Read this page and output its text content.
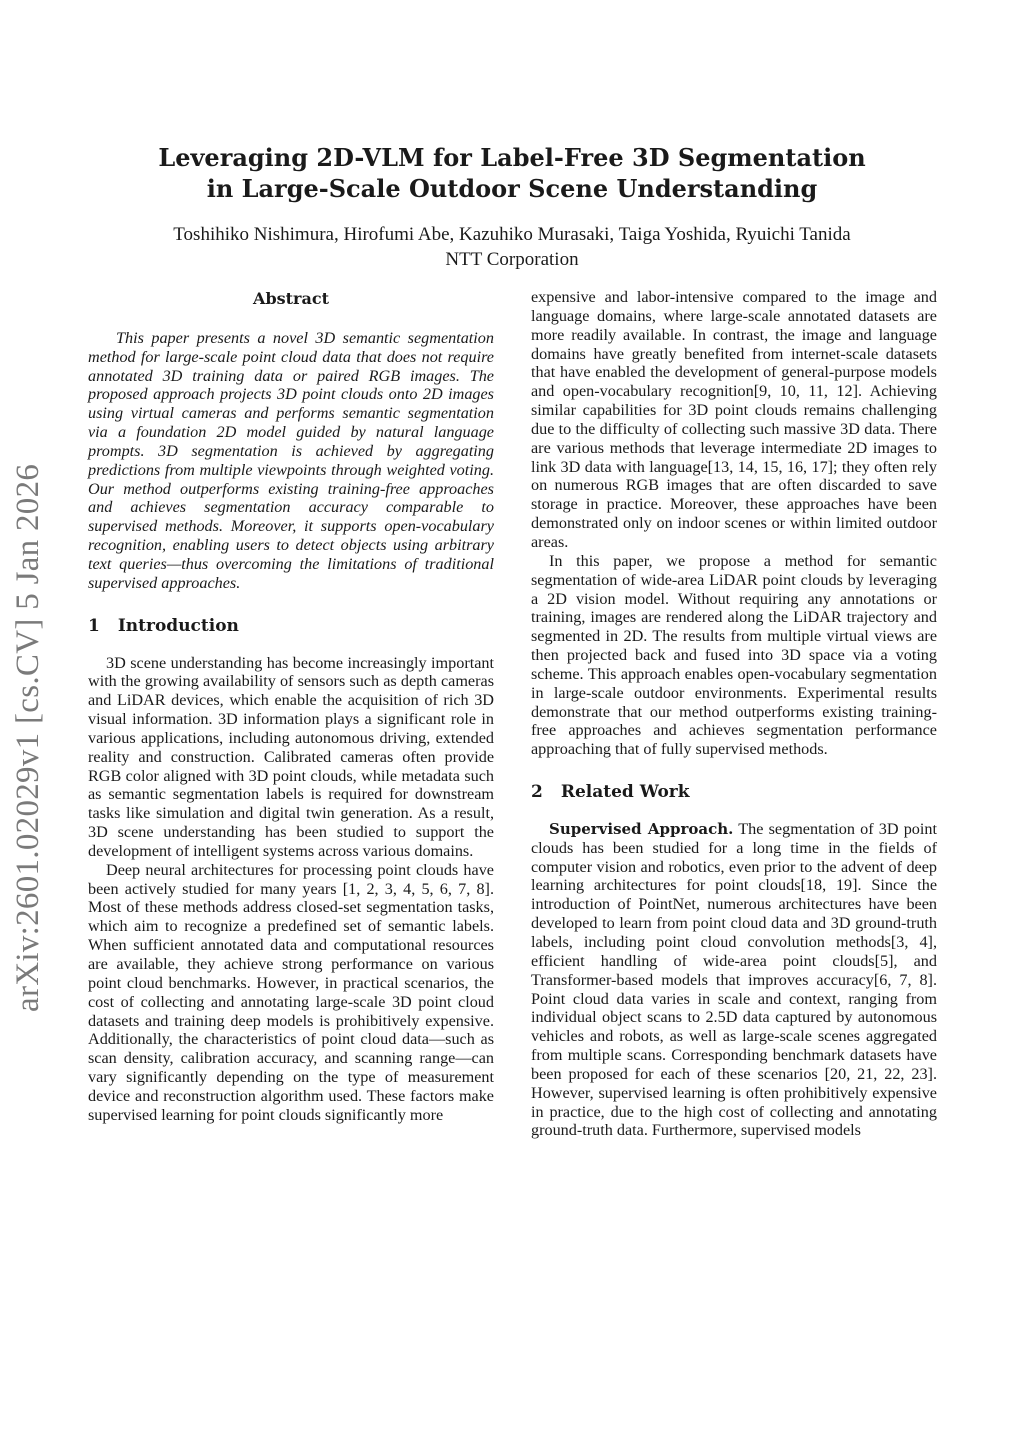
arXiv:2601.02029v1 [cs.CV] 5 Jan 2026
Leveraging 2D-VLM for Label-Free 3D Segmentation
in Large-Scale Outdoor Scene Understanding
Toshihiko Nishimura, Hirofumi Abe, Kazuhiko Murasaki, Taiga Yoshida, Ryuichi Tanida
NTT Corporation
Abstract

This paper presents a novel 3D semantic segmentation method for large-scale point cloud data that does not require annotated 3D training data or paired RGB images. The proposed approach projects 3D point clouds onto 2D images using virtual cameras and performs semantic segmentation via a foundation 2D model guided by natural language prompts. 3D segmentation is achieved by aggregating predictions from multiple viewpoints through weighted voting. Our method outperforms existing training-free approaches and achieves segmentation accuracy comparable to supervised methods. Moreover, it supports open-vocabulary recognition, enabling users to detect objects using arbitrary text queries—thus overcoming the limitations of traditional supervised approaches.

1 Introduction

3D scene understanding has become increasingly important with the growing availability of sensors such as depth cameras and LiDAR devices, which enable the acquisition of rich 3D visual information. 3D information plays a significant role in various applications, including autonomous driving, extended reality and construction. Calibrated cameras often provide RGB color aligned with 3D point clouds, while metadata such as semantic segmentation labels is required for downstream tasks like simulation and digital twin generation. As a result, 3D scene understanding has been studied to support the development of intelligent systems across various domains.

Deep neural architectures for processing point clouds have been actively studied for many years [1, 2, 3, 4, 5, 6, 7, 8]. Most of these methods address closed-set segmentation tasks, which aim to recognize a predefined set of semantic labels. When sufficient annotated data and computational resources are available, they achieve strong performance on various point cloud benchmarks. However, in practical scenarios, the cost of collecting and annotating large-scale 3D point cloud datasets and training deep models is prohibitively expensive. Additionally, the characteristics of point cloud data—such as scan density, calibration accuracy, and scanning range—can vary significantly depending on the type of measurement device and reconstruction algorithm used. These factors make supervised learning for point clouds significantly more

expensive and labor-intensive compared to the image and language domains, where large-scale annotated datasets are more readily available. In contrast, the image and language domains have greatly benefited from internet-scale datasets that have enabled the development of general-purpose models and open-vocabulary recognition[9, 10, 11, 12]. Achieving similar capabilities for 3D point clouds remains challenging due to the difficulty of collecting such massive 3D data. There are various methods that leverage intermediate 2D images to link 3D data with language[13, 14, 15, 16, 17]; they often rely on numerous RGB images that are often discarded to save storage in practice. Moreover, these approaches have been demonstrated only on indoor scenes or within limited outdoor areas.

In this paper, we propose a method for semantic segmentation of wide-area LiDAR point clouds by leveraging a 2D vision model. Without requiring any annotations or training, images are rendered along the LiDAR trajectory and segmented in 2D. The results from multiple virtual views are then projected back and fused into 3D space via a voting scheme. This approach enables open-vocabulary segmentation in large-scale outdoor environments. Experimental results demonstrate that our method outperforms existing training-free approaches and achieves segmentation performance approaching that of fully supervised methods.

2 Related Work

Supervised Approach. The segmentation of 3D point clouds has been studied for a long time in the fields of computer vision and robotics, even prior to the advent of deep learning architectures for point clouds[18, 19]. Since the introduction of PointNet, numerous architectures have been developed to learn from point cloud data and 3D ground-truth labels, including point cloud convolution methods[3, 4], efficient handling of wide-area point clouds[5], and Transformer-based models that improves accuracy[6, 7, 8]. Point cloud data varies in scale and context, ranging from individual object scans to 2.5D data captured by autonomous vehicles and robots, as well as large-scale scenes aggregated from multiple scans. Corresponding benchmark datasets have been proposed for each of these scenarios [20, 21, 22, 23]. However, supervised learning is often prohibitively expensive in practice, due to the high cost of collecting and annotating ground-truth data. Furthermore, supervised models
